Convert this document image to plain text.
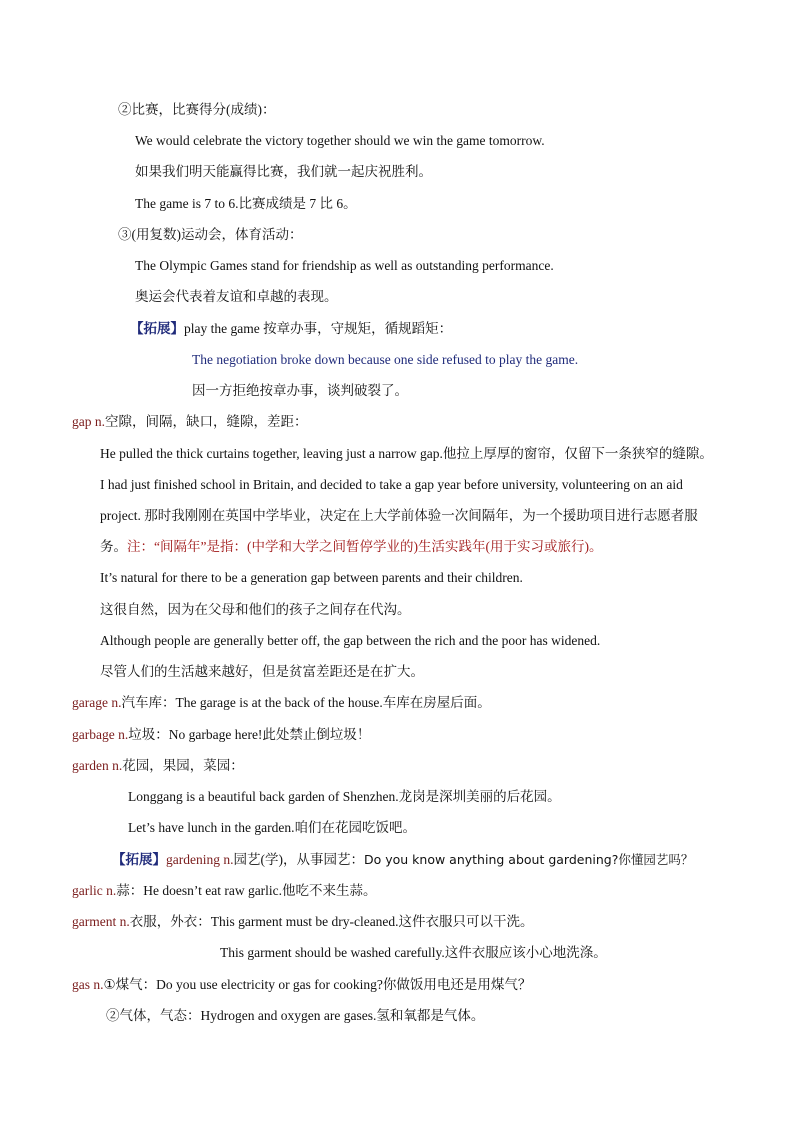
②比赛，比赛得分(成绩)：
We would celebrate the victory together should we win the game tomorrow.
如果我们明天能赢得比赛，我们就一起庆祝胜利。
The game is 7 to 6.比赛成绩是 7 比 6。
③(用复数)运动会，体育活动：
The Olympic Games stand for friendship as well as outstanding performance.
奥运会代表着友谊和卓越的表现。
【拓展】play the game 按章办事，守规矩，循规蹈矩：
The negotiation broke down because one side refused to play the game.
因一方拒绝按章办事，谈判破裂了。
gap n.空隙，间隔，缺口，缝隙，差距：
He pulled the thick curtains together, leaving just a narrow gap.他拉上厚厚的窗帘，仅留下一条狭窄的缝隙。
I had just finished school in Britain, and decided to take a gap year before university, volunteering on an aid
project. 那时我刚刚在英国中学毕业，决定在上大学前体验一次间隔年，为一个援助项目进行志愿者服
务。注：“间隔年”是指：(中学和大学之间暂停学业的)生活实践年(用于实习或旅行)。
It’s natural for there to be a generation gap between parents and their children.
这很自然，因为在父母和他们的孩子之间存在代沟。
Although people are generally better off, the gap between the rich and the poor has widened.
尽管人们的生活越来越好，但是贫富差距还是在扩大。
garage n.汽车库：The garage is at the back of the house.车库在房屋后面。
garbage n.垃圾：No garbage here!此处禁止倒垃圾！
garden n.花园，果园，菜园：
Longgang is a beautiful back garden of Shenzhen.龙岗是深圳美丽的后花园。
Let’s have lunch in the garden.咱们在花园吃饭吧。
【拓展】gardening n.园艺(学)，从事园艺：Do you know anything about gardening?你懂园艺吗？
garlic n.蒜：He doesn’t eat raw garlic.他吃不来生蒜。
garment n.衣服，外衣：This garment must be dry-cleaned.这件衣服只可以干洗。
This garment should be washed carefully.这件衣服应该小心地洗涤。
gas n.①煤气：Do you use electricity or gas for cooking?你做饭用电还是用煤气？
②气体，气态：Hydrogen and oxygen are gases.氢和氧都是气体。
